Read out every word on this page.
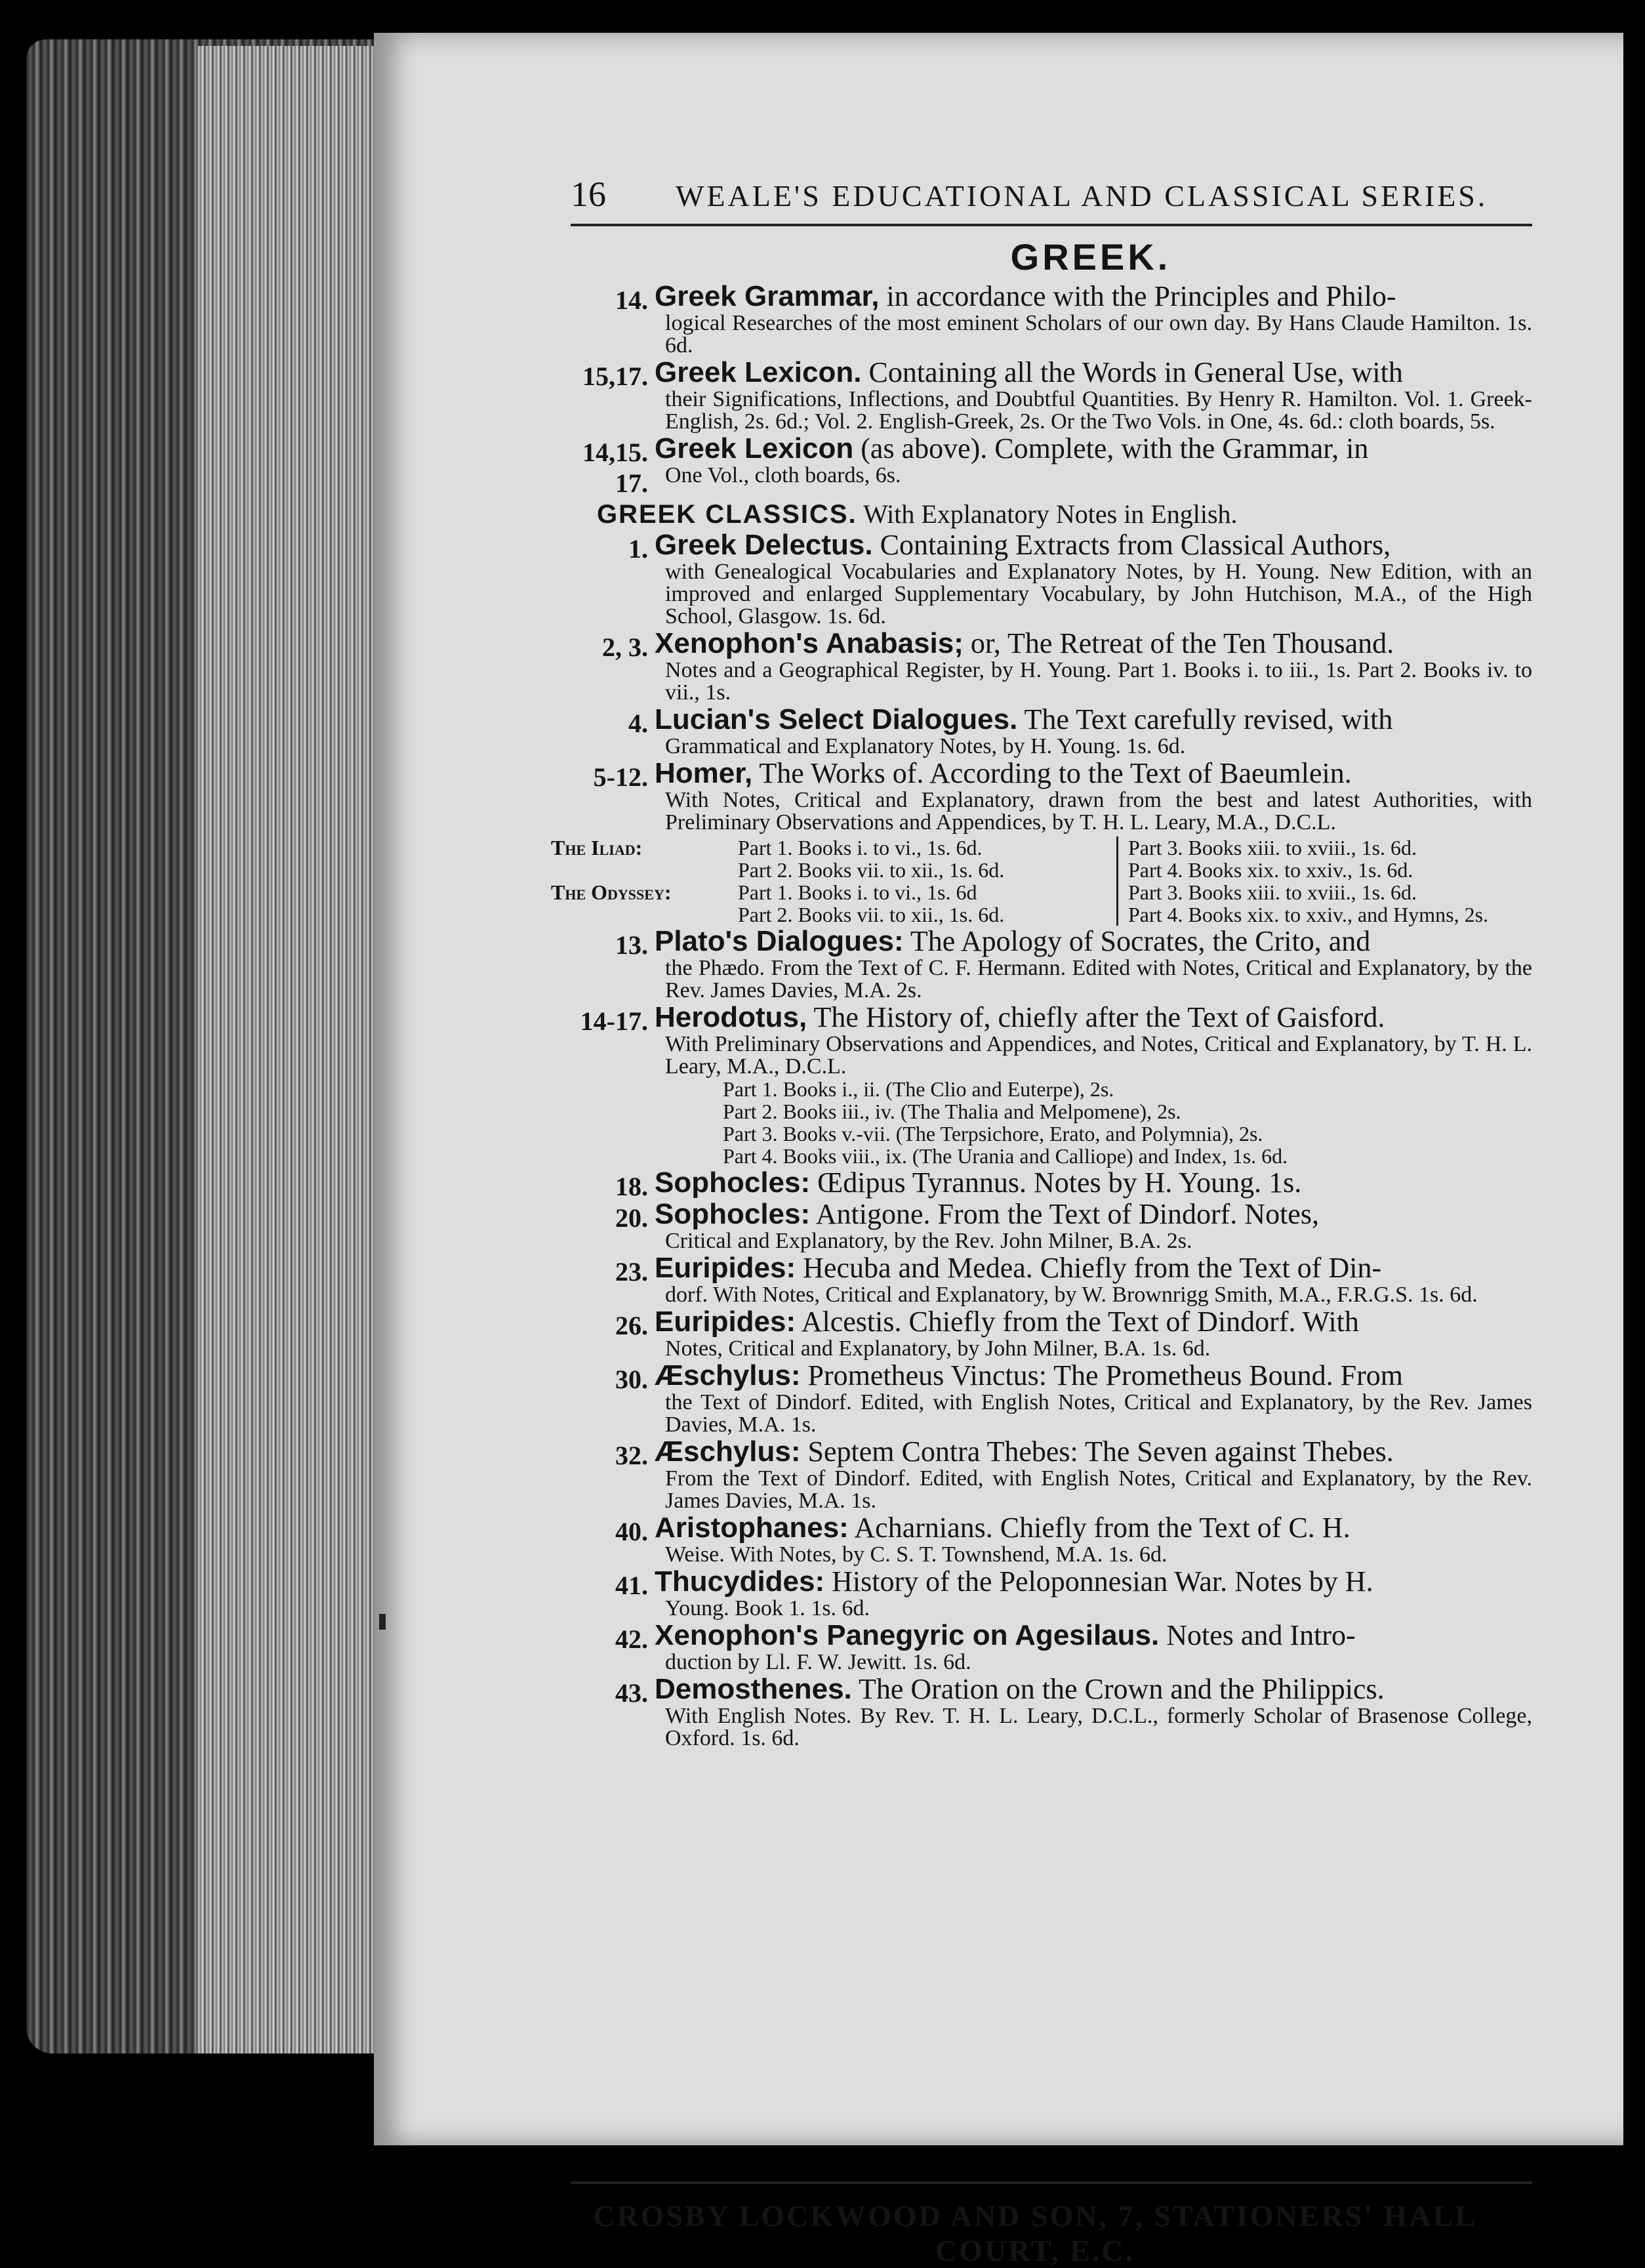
16	WEALE'S EDUCATIONAL AND CLASSICAL SERIES.
GREEK.
14. Greek Grammar, in accordance with the Principles and Philo-
logical Researches of the most eminent Scholars of our own day. By Hans Claude Hamilton. 1s. 6d.
15,17. Greek Lexicon. Containing all the Words in General Use, with
their Significations, Inflections, and Doubtful Quantities. By Henry R. Hamilton. Vol. 1. Greek-English, 2s. 6d.; Vol. 2. English-Greek, 2s. Or the Two Vols. in One, 4s. 6d.: cloth boards, 5s.
14,15. 17.
Greek Lexicon (as above). Complete, with the Grammar, in
One Vol., cloth boards, 6s.
GREEK CLASSICS. With Explanatory Notes in English.
1. Greek Delectus. Containing Extracts from Classical Authors,
with Genealogical Vocabularies and Explanatory Notes, by H. Young. New Edition, with an improved and enlarged Supplementary Vocabulary, by John Hutchison, M.A., of the High School, Glasgow. 1s. 6d.
2, 3. Xenophon's Anabasis; or, The Retreat of the Ten Thousand.
Notes and a Geographical Register, by H. Young. Part 1. Books i. to iii., 1s. Part 2. Books iv. to vii., 1s.
4. Lucian's Select Dialogues. The Text carefully revised, with
Grammatical and Explanatory Notes, by H. Young. 1s. 6d.
5-12. Homer, The Works of. According to the Text of Baeumlein.
With Notes, Critical and Explanatory, drawn from the best and latest Authorities, with Preliminary Observations and Appendices, by T. H. L. Leary, M.A., D.C.L.
The Iliad:	Part 1. Books i. to vi., 1s. 6d.	Part 3. Books xiii. to xviii., 1s. 6d.
Part 2. Books vii. to xii., 1s. 6d.	Part 4. Books xix. to xxiv., 1s. 6d.
The Odyssey:	Part 1. Books i. to vi., 1s. 6d	Part 3. Books xiii. to xviii., 1s. 6d.
Part 2. Books vii. to xii., 1s. 6d.	Part 4. Books xix. to xxiv., and Hymns, 2s.
13. Plato's Dialogues: The Apology of Socrates, the Crito, and
the Phædo. From the Text of C. F. Hermann. Edited with Notes, Critical and Explanatory, by the Rev. James Davies, M.A. 2s.
14-17. Herodotus, The History of, chiefly after the Text of Gaisford.
With Preliminary Observations and Appendices, and Notes, Critical and Explanatory, by T. H. L. Leary, M.A., D.C.L.
Part 1. Books i., ii. (The Clio and Euterpe), 2s.
Part 2. Books iii., iv. (The Thalia and Melpomene), 2s.
Part 3. Books v.-vii. (The Terpsichore, Erato, and Polymnia), 2s.
Part 4. Books viii., ix. (The Urania and Calliope) and Index, 1s. 6d.
18. Sophocles: Œdipus Tyrannus. Notes by H. Young. 1s.
20. Sophocles: Antigone. From the Text of Dindorf. Notes,
Critical and Explanatory, by the Rev. John Milner, B.A. 2s.
23. Euripides: Hecuba and Medea. Chiefly from the Text of Din-
dorf. With Notes, Critical and Explanatory, by W. Brownrigg Smith, M.A., F.R.G.S. 1s. 6d.
26. Euripides: Alcestis. Chiefly from the Text of Dindorf. With
Notes, Critical and Explanatory, by John Milner, B.A. 1s. 6d.
30. Æschylus: Prometheus Vinctus: The Prometheus Bound. From
the Text of Dindorf. Edited, with English Notes, Critical and Explanatory, by the Rev. James Davies, M.A. 1s.
32. Æschylus: Septem Contra Thebes: The Seven against Thebes.
From the Text of Dindorf. Edited, with English Notes, Critical and Explanatory, by the Rev. James Davies, M.A. 1s.
40. Aristophanes: Acharnians. Chiefly from the Text of C. H.
Weise. With Notes, by C. S. T. Townshend, M.A. 1s. 6d.
41. Thucydides: History of the Peloponnesian War. Notes by H.
Young. Book 1. 1s. 6d.
42. Xenophon's Panegyric on Agesilaus. Notes and Intro-
duction by Ll. F. W. Jewitt. 1s. 6d.
43. Demosthenes. The Oration on the Crown and the Philippics.
With English Notes. By Rev. T. H. L. Leary, D.C.L., formerly Scholar of Brasenose College, Oxford. 1s. 6d.
CROSBY LOCKWOOD AND SON, 7, STATIONERS' HALL COURT, E.C.
